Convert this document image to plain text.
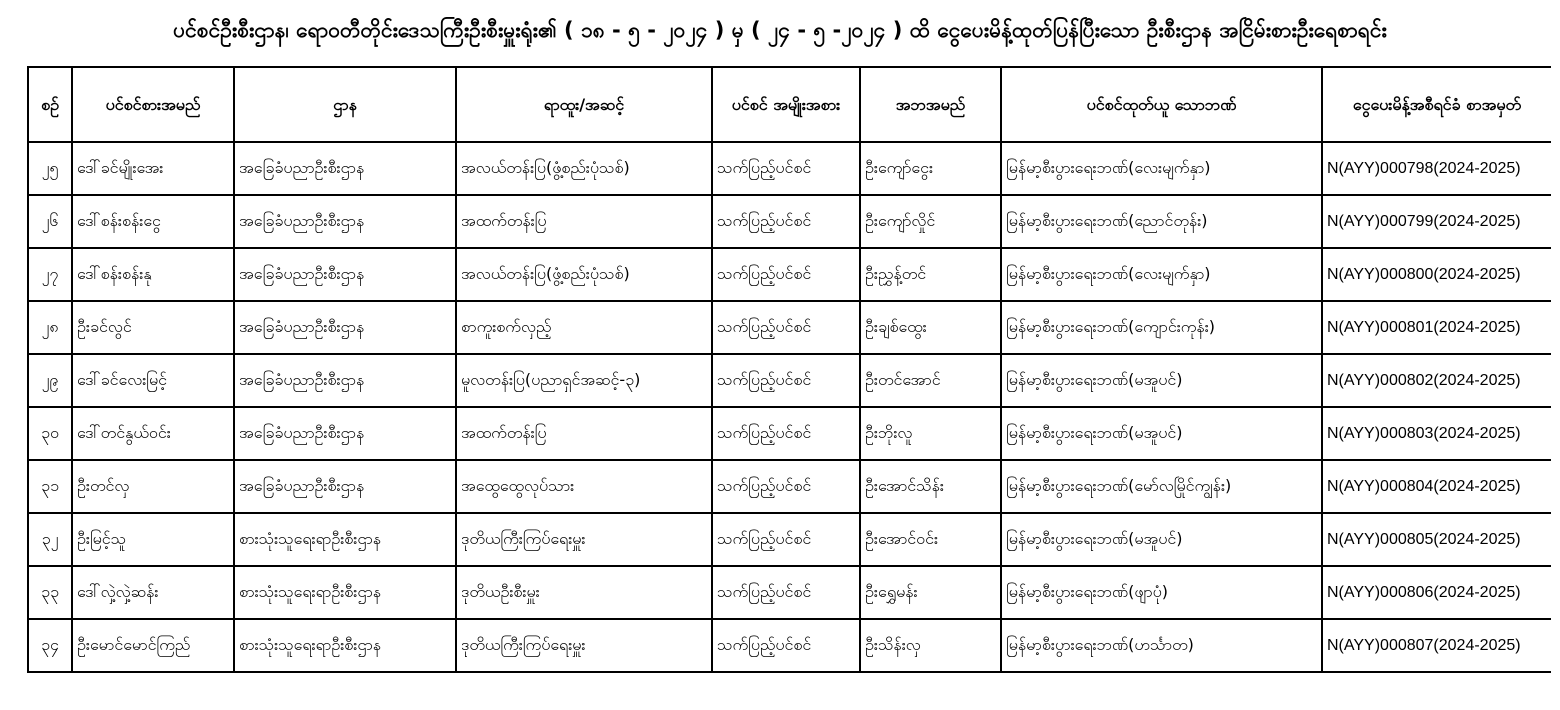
ပင်စင်ဦးစီးဌာန၊ ရောဝတီတိုင်းဒေသကြီးဦးစီးမှူးရုံး၏ ( ၁၈ - ၅ - ၂၀၂၄ ) မှ ( ၂၄ - ၅ -၂၀၂၄ ) ထိ ငွေပေးမိန့်ထုတ်ပြန်ပြီးသော ဦးစီးဌာန အငြိမ်းစားဦးရေစာရင်း
စဉ်	ပင်စင်စားအမည်	ဌာန	ရာထူး/အဆင့်	ပင်စင် အမျိုးအစား	အဘအမည်	ပင်စင်ထုတ်ယူ သောဘဏ်	ငွေပေးမိန့်အစီရင်ခံ စာအမှတ်
၂၅	ဒေါ်ခင်မျိုးအေး	အခြေခံပညာဦးစီးဌာန	အလယ်တန်းပြ(ဖွံ့စည်းပုံသစ်)	သက်ပြည့်ပင်စင်	ဦးကျော်ငွေး	မြန်မာ့စီးပွားရေးဘဏ်(လေးမျက်နှာ)	N(AYY)000798(2024-2025)
၂၆	ဒေါ်စန်းစန်းငွေ	အခြေခံပညာဦးစီးဌာန	အထက်တန်းပြ	သက်ပြည့်ပင်စင်	ဦးကျော်လှိုင်	မြန်မာ့စီးပွားရေးဘဏ်(ညောင်တုန်း)	N(AYY)000799(2024-2025)
၂၇	ဒေါ်စန်းစန်းနု	အခြေခံပညာဦးစီးဌာန	အလယ်တန်းပြ(ဖွံ့စည်းပုံသစ်)	သက်ပြည့်ပင်စင်	ဦးညွှန့်တင်	မြန်မာ့စီးပွားရေးဘဏ်(လေးမျက်နှာ)	N(AYY)000800(2024-2025)
၂၈	ဦးခင်လွင်	အခြေခံပညာဦးစီးဌာန	စာကူးစက်လှည့်	သက်ပြည့်ပင်စင်	ဦးချစ်ထွေး	မြန်မာ့စီးပွားရေးဘဏ်(ကျောင်းကုန်း)	N(AYY)000801(2024-2025)
၂၉	ဒေါ်ခင်လေးမြင့်	အခြေခံပညာဦးစီးဌာန	မူလတန်းပြ(ပညာရှင်အဆင့်-၃)	သက်ပြည့်ပင်စင်	ဦးတင်အောင်	မြန်မာ့စီးပွားရေးဘဏ်(မအူပင်)	N(AYY)000802(2024-2025)
၃၀	ဒေါ်တင်နွယ်ဝင်း	အခြေခံပညာဦးစီးဌာန	အထက်တန်းပြ	သက်ပြည့်ပင်စင်	ဦးဘိုးလူ	မြန်မာ့စီးပွားရေးဘဏ်(မအူပင်)	N(AYY)000803(2024-2025)
၃၁	ဦးတင်လှ	အခြေခံပညာဦးစီးဌာန	အထွေထွေလုပ်သား	သက်ပြည့်ပင်စင်	ဦးအောင်သိန်း	မြန်မာ့စီးပွားရေးဘဏ်(မော်လမြိုင်ကျွန်း)	N(AYY)000804(2024-2025)
၃၂	ဦးမြင့်သူ	စားသုံးသူရေးရာဦးစီးဌာန	ဒုတိယကြီးကြပ်ရေးမှူး	သက်ပြည့်ပင်စင်	ဦးအောင်ဝင်း	မြန်မာ့စီးပွားရေးဘဏ်(မအူပင်)	N(AYY)000805(2024-2025)
၃၃	ဒေါ်လှဲ့လှဲ့ဆန်း	စားသုံးသူရေးရာဦးစီးဌာန	ဒုတိယဦးစီးမှူး	သက်ပြည့်ပင်စင်	ဦးရွှေမန်း	မြန်မာ့စီးပွားရေးဘဏ်(ဖျာပုံ)	N(AYY)000806(2024-2025)
၃၄	ဦးမောင်မောင်ကြည်	စားသုံးသူရေးရာဦးစီးဌာန	ဒုတိယကြီးကြပ်ရေးမှူး	သက်ပြည့်ပင်စင်	ဦးသိန်းလှ	မြန်မာ့စီးပွားရေးဘဏ်(ဟင်္သာတ)	N(AYY)000807(2024-2025)
